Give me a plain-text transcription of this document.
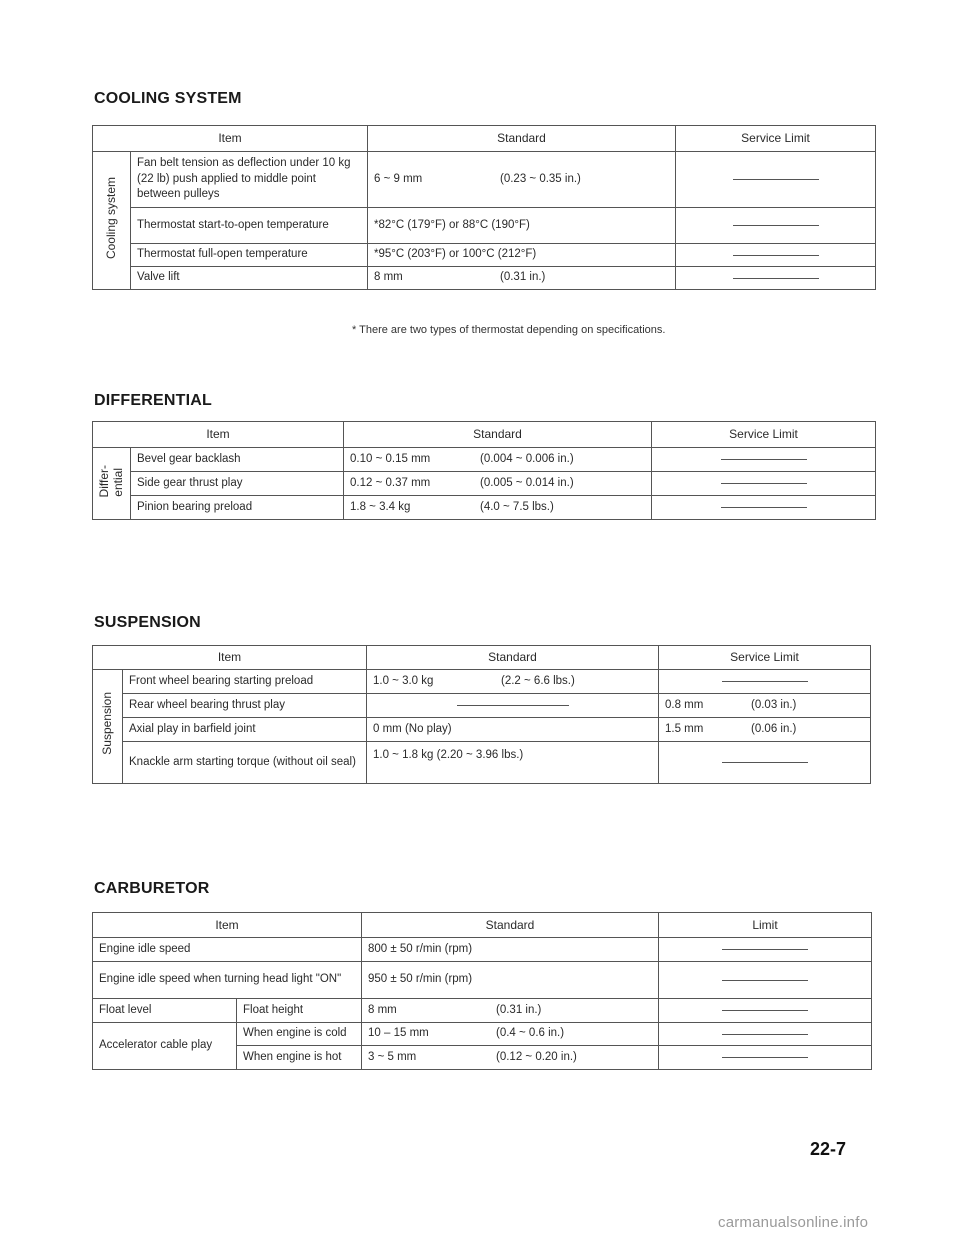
COOLING SYSTEM
Item		Standard	Service Limit
Cooling system	Fan belt tension as deflection under 10 kg (22 lb) push applied to middle point between pulleys	6 ~ 9 mm (0.23 ~ 0.35 in.)	

	Thermostat start-to-open temperature	*82°C (179°F) or 88°C (190°F)	

	Thermostat full-open temperature	*95°C (203°F) or 100°C (212°F)	

	Valve lift	8 mm (0.31 in.)	

* There are two types of thermostat depending on specifications.

DIFFERENTIAL
Item		Standard	Service Limit
Differ-ential	Bevel gear backlash	0.10 ~ 0.15 mm (0.004 ~ 0.006 in.)	

	Side gear thrust play	0.12 ~ 0.37 mm (0.005 ~ 0.014 in.)	

	Pinion bearing preload	1.8 ~ 3.4 kg (4.0 ~ 7.5 lbs.)	

SUSPENSION
Item		Standard	Service Limit
Suspension	Front wheel bearing starting preload	1.0 ~ 3.0 kg (2.2 ~ 6.6 lbs.)	

	Rear wheel bearing thrust play		0.8 mm (0.03 in.)

	Axial play in barfield joint	0 mm (No play)	1.5 mm (0.06 in.)

	Knackle arm starting torque (without oil seal)	1.0 ~ 1.8 kg (2.20 ~ 3.96 lbs.)	
CARBURETOR
Item		Standard	Limit
Engine idle speed		800 ± 50 r/min (rpm)	

Engine idle speed when turning head light "ON"		950 ± 50 r/min (rpm)	

Float level	Float height	8 mm (0.31 in.)	

Accelerator cable play	When engine is cold	10 – 15 mm (0.4 ~ 0.6 in.)	

	When engine is hot	3 ~ 5 mm (0.12 ~ 0.20 in.)	

22-7

carmanualsonline.info
